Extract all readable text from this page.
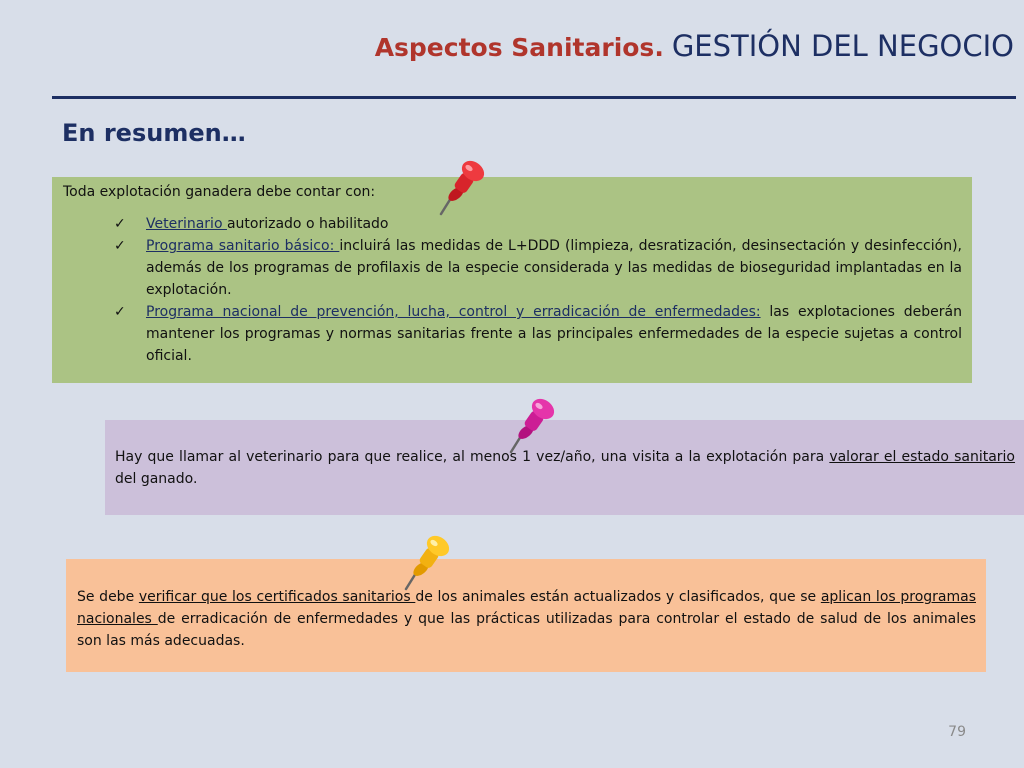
Aspectos Sanitarios. GESTIÓN DEL NEGOCIO
En resumen…

Toda explotación ganadera debe contar con:

✓ Veterinario autorizado o habilitado
✓ Programa sanitario básico: incluirá las medidas de L+DDD (limpieza, desratización, desinsectación y desinfección), además de los programas de profilaxis de la especie considerada y las medidas de bioseguridad implantadas en la explotación.
✓ Programa nacional de prevención, lucha, control y erradicación de enfermedades: las explotaciones deberán mantener los programas y normas sanitarias frente a las principales enfermedades de la especie sujetas a control oficial.

Hay que llamar al veterinario para que realice, al menos 1 vez/año, una visita a la explotación para valorar el estado sanitario del ganado.

Se debe verificar que los certificados sanitarios de los animales están actualizados y clasificados, que se aplican los programas nacionales de erradicación de enfermedades y que las prácticas utilizadas para controlar el estado de salud de los animales son las más adecuadas.

79
